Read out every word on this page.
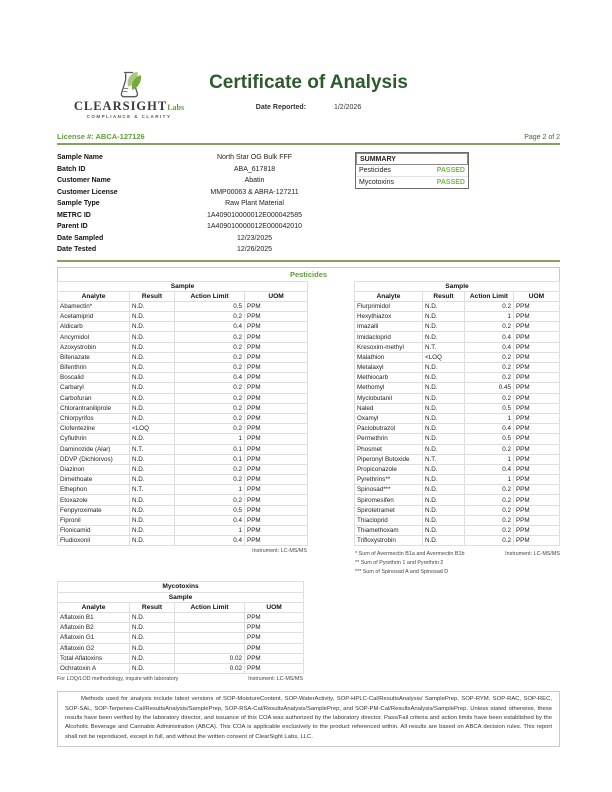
CLEARSIGHTLabs
COMPLIANCE & CLARITY
Certificate of Analysis
Date Reported:	1/2/2026
License #: ABCA-127126	Page 2 of 2
Sample Name	North Star OG Bulk FFF
Batch ID	ABA_617818
Customer Name	Abatin
Customer License	MMP00063 & ABRA-127211
Sample Type	Raw Plant Material
METRC ID	1A409010000012E000042585
Parent ID	1A409010000012E000042010
Date Sampled	12/23/2025
Date Tested	12/26/2025
SUMMARY
Pesticides	PASSED
Mycotoxins	PASSED
Pesticides
Sample			
Analyte	Result	Action Limit	UOM
Abamectin*	N.D.	0.5	PPM
Acetamiprid	N.D.	0.2	PPM
Aldicarb	N.D.	0.4	PPM
Ancymidol	N.D.	0.2	PPM
Azoxystrobin	N.D.	0.2	PPM
Bifenazate	N.D.	0.2	PPM
Bifenthrin	N.D.	0.2	PPM
Boscalid	N.D.	0.4	PPM
Carbaryl	N.D.	0.2	PPM
Carbofuran	N.D.	0.2	PPM
Chlorantraniliprole	N.D.	0.2	PPM
Chlorpyrifos	N.D.	0.2	PPM
Clofentezine	<LOQ	0.2	PPM
Cyfluthrin	N.D.	1	PPM
Daminozide (Alar)	N.T.	0.1	PPM
DDVP (Dichlorvos)	N.D.	0.1	PPM
Diazinon	N.D.	0.2	PPM
Dimethoate	N.D.	0.2	PPM
Ethephon	N.T.	1	PPM
Etoxazole	N.D.	0.2	PPM
Fenpyroximate	N.D.	0.5	PPM
Fipronil	N.D.	0.4	PPM
Flonicamid	N.D.	1	PPM
Fludioxonil	N.D.	0.4	PPM
Sample			
Analyte	Result	Action Limit	UOM
Flurprimidol	N.D.	0.2	PPM
Hexythiazox	N.D.	1	PPM
Imazalil	N.D.	0.2	PPM
Imidacloprid	N.D.	0.4	PPM
Kresoxim-methyl	N.T.	0.4	PPM
Malathion	<LOQ	0.2	PPM
Metalaxyl	N.D.	0.2	PPM
Methiocarb	N.D.	0.2	PPM
Methomyl	N.D.	0.45	PPM
Myclobutanil	N.D.	0.2	PPM
Naled	N.D.	0.5	PPM
Oxamyl	N.D.	1	PPM
Paclobutrazol	N.D.	0.4	PPM
Permethrin	N.D.	0.5	PPM
Phosmet	N.D.	0.2	PPM
Piperonyl Butoxide	N.T.	1	PPM
Propiconazole	N.D.	0.4	PPM
Pyrethrins**	N.D.	1	PPM
Spinosad***	N.D.	0.2	PPM
Spiromesifen	N.D.	0.2	PPM
Spirotetramet	N.D.	0.2	PPM
Thiacloprid	N.D.	0.2	PPM
Thiamethoxam	N.D.	0.2	PPM
Trifloxystrobin	N.D.	0.2	PPM
Instrument: LC-MS/MS	* Sum of Avermectin B1a and Avermectin B1b	Instrument: LC-MS/MS
** Sum of Pyrethrin 1 and Pyrethrin 2
*** Sum of Spinosad A and Spinosad D
Mycotoxins			
Sample			
Analyte	Result	Action Limit	UOM
Aflatoxin B1	N.D.		PPM
Aflatoxin B2	N.D.		PPM
Aflatoxin G1	N.D.		PPM
Aflatoxin G2	N.D.		PPM
Total Aflatoxins	N.D.	0.02	PPM
Ochratoxin A	N.D.	0.02	PPM
For LOQ/LOD methodology, inquire with laboratory	Instrument: LC-MS/MS
Methods used for analysis include latest versions of SOP-MoistureContent, SOP-WaterActivity, SOP-HPLC-Cal/ResultsAnalysis/ SamplePrep, SOP-RYM, SOP-RAC, SOP-REC, SOP-SAL, SOP-Terpenes-Cal/ResultsAnalysis/SamplePrep, SOP-RSA-Cal/ResultsAnalysis/SamplePrep, and SOP-PM-Cal/ResultsAnalysis/SamplePrep. Unless stated otherwise, these results have been verified by the laboratory director, and issuance of this COA was authorized by the laboratory director. Pass/Fail criteria and action limits have been established by the Alcoholic Beverage and Cannabis Administration (ABCA). This COA is applicable exclusively to the product referenced within. All results are based on ABCA decision rules. This report shall not be reproduced, except in full, and without the written consent of ClearSight Labs, LLC.
